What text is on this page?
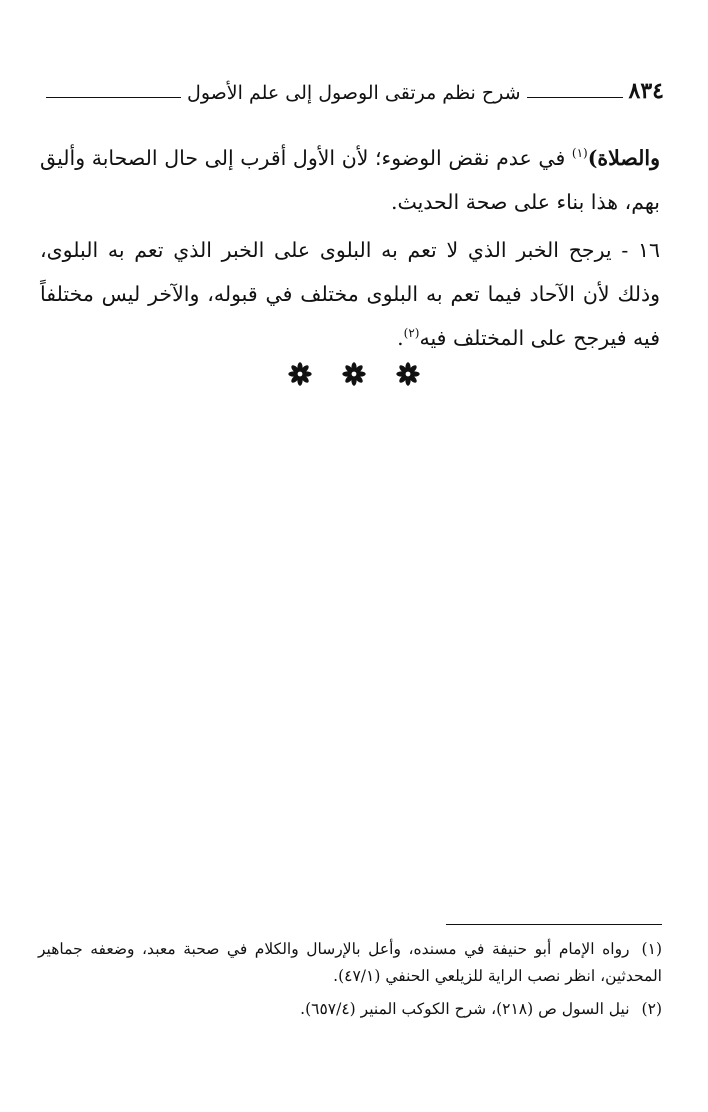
٨٣٤
شرح نظم مرتقى الوصول إلى علم الأصول

والصلاة)$^{(١)}$ في عدم نقض الوضوء؛ لأن الأول أقرب إلى حال الصحابة وأليق بهم، هذا بناء على صحة الحديث.

١٦ - يرجح الخبر الذي لا تعم به البلوى على الخبر الذي تعم به البلوى، وذلك لأن الآحاد فيما تعم به البلوى مختلف في قبوله، والآخر ليس مختلفاً فيه فيرجح على المختلف فيه$^{(٢)}$.

(١)رواه الإمام أبو حنيفة في مسنده، وأعل بالإرسال والكلام في صحبة معبد، وضعفه جماهير المحدثين، انظر نصب الراية للزيلعي الحنفي (٤٧/١).

(٢)نيل السول ص (٢١٨)، شرح الكوكب المنير (٦٥٧/٤).
